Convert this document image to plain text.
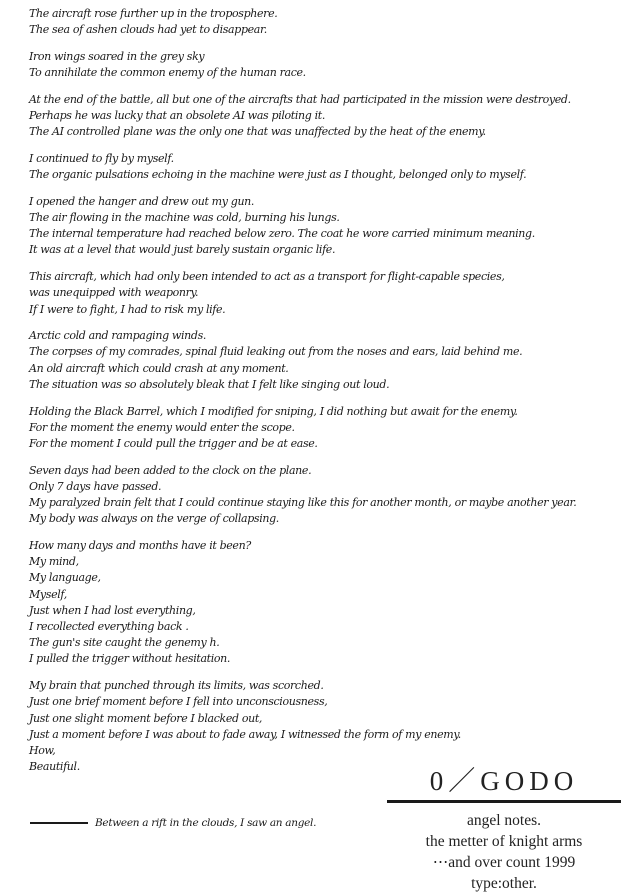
The aircraft rose further up in the troposphere.
The sea of ashen clouds had yet to disappear.
Iron wings soared in the grey sky
To annihilate the common enemy of the human race.
At the end of the battle, all but one of the aircrafts that had participated in the mission were destroyed.
Perhaps he was lucky that an obsolete AI was piloting it.
The AI controlled plane was the only one that was unaffected by the heat of the enemy.
I continued to fly by myself.
The organic pulsations echoing in the machine were just as I thought, belonged only to myself.
I opened the hanger and drew out my gun.
The air flowing in the machine was cold, burning his lungs.
The internal temperature had reached below zero. The coat he wore carried minimum meaning.
It was at a level that would just barely sustain organic life.
This aircraft, which had only been intended to act as a transport for flight-capable species,
was unequipped with weaponry.
If I were to fight, I had to risk my life.
Arctic cold and rampaging winds.
The corpses of my comrades, spinal fluid leaking out from the noses and ears, laid behind me.
An old aircraft which could crash at any moment.
The situation was so absolutely bleak that I felt like singing out loud.
Holding the Black Barrel, which I modified for sniping, I did nothing but await for the enemy.
For the moment the enemy would enter the scope.
For the moment I could pull the trigger and be at ease.
Seven days had been added to the clock on the plane.
Only 7 days have passed.
My paralyzed brain felt that I could continue staying like this for another month, or maybe another year.
My body was always on the verge of collapsing.
How many days and months have it been?
My mind,
My language,
Myself,
Just when I had lost everything,
I recollected everything back .
The gun's site caught the genemy h.
I pulled the trigger without hesitation.
My brain that punched through its limits, was scorched.
Just one brief moment before I fell into unconsciousness,
Just one slight moment before I blacked out,
Just a moment before I was about to fade away, I witnessed the form of my enemy.
How,
Beautiful.
Between a rift in the clouds, I saw an angel.
0／GODO
angel notes.
the metter of knight arms
⋯and over count 1999
type:other.
